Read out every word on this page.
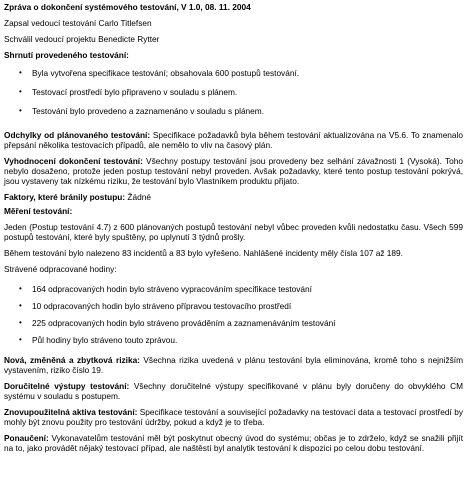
Zpráva o dokončení systémového testování, V 1.0, 08. 11. 2004

Zapsal vedoucí testování Carlo Titlefsen

Schválil vedoucí projektu Benedicte Rytter

Shrnutí provedeného testování:

• Byla vytvořena specifikace testování; obsahovala 600 postupů testování.
• Testovací prostředí bylo připraveno v souladu s plánem.
• Testování bylo provedeno a zaznamenáno v souladu s plánem.

Odchylky od plánovaného testování: Specifikace požadavků byla během testování aktualizována na V5.6. To znamenalo přepsání několika testovacích případů, ale nemělo to vliv na časový plán.

Vyhodnocení dokončení testování: Všechny postupy testování jsou provedeny bez selhání závažnosti 1 (Vysoká). Toho nebylo dosaženo, protože jeden postup testování nebyl proveden. Avšak požadavky, které tento postup testování pokrývá, jsou vystaveny tak nízkému riziku, že testování bylo Vlastníkem produktu přijato.

Faktory, které bránily postupu: Žádné

Měření testování:

Jeden (Postup testování 4.7) z 600 plánovaných postupů testování nebyl vůbec proveden kvůli nedostatku času. Všech 599 postupů testování, které byly spuštěny, po uplynutí 3 týdnů prošly.

Během testování bylo nalezeno 83 incidentů a 83 bylo vyřešeno. Nahlášené incidenty měly čísla 107 až 189.

Strávené odpracované hodiny:

• 164 odpracovaných hodin bylo stráveno vypracováním specifikace testování
• 10 odpracovaných hodin bylo stráveno přípravou testovacího prostředí
• 225 odpracovaných hodin bylo stráveno prováděním a zaznamenáváním testování
• Půl hodiny bylo stráveno touto zprávou.

Nová, změněná a zbytková rizika: Všechna rizika uvedená v plánu testování byla eliminována, kromě toho s nejnižším vystavením, riziko číslo 19.

Doručitelné výstupy testování: Všechny doručitelné výstupy specifikované v plánu byly doručeny do obvyklého CM systému v souladu s postupem.

Znovupoužitelná aktiva testování: Specifikace testování a související požadavky na testovací data a testovací prostředí by mohly být znovu použity pro testování údržby, pokud a když je to třeba.

Ponaučení: Vykonavatelům testování měl být poskytnut obecný úvod do systému; občas je to zdrželo, když se snažili přijít na to, jako provádět nějaký testovací případ, ale naštěstí byl analytik testování k dispozici po celou dobu testování.
